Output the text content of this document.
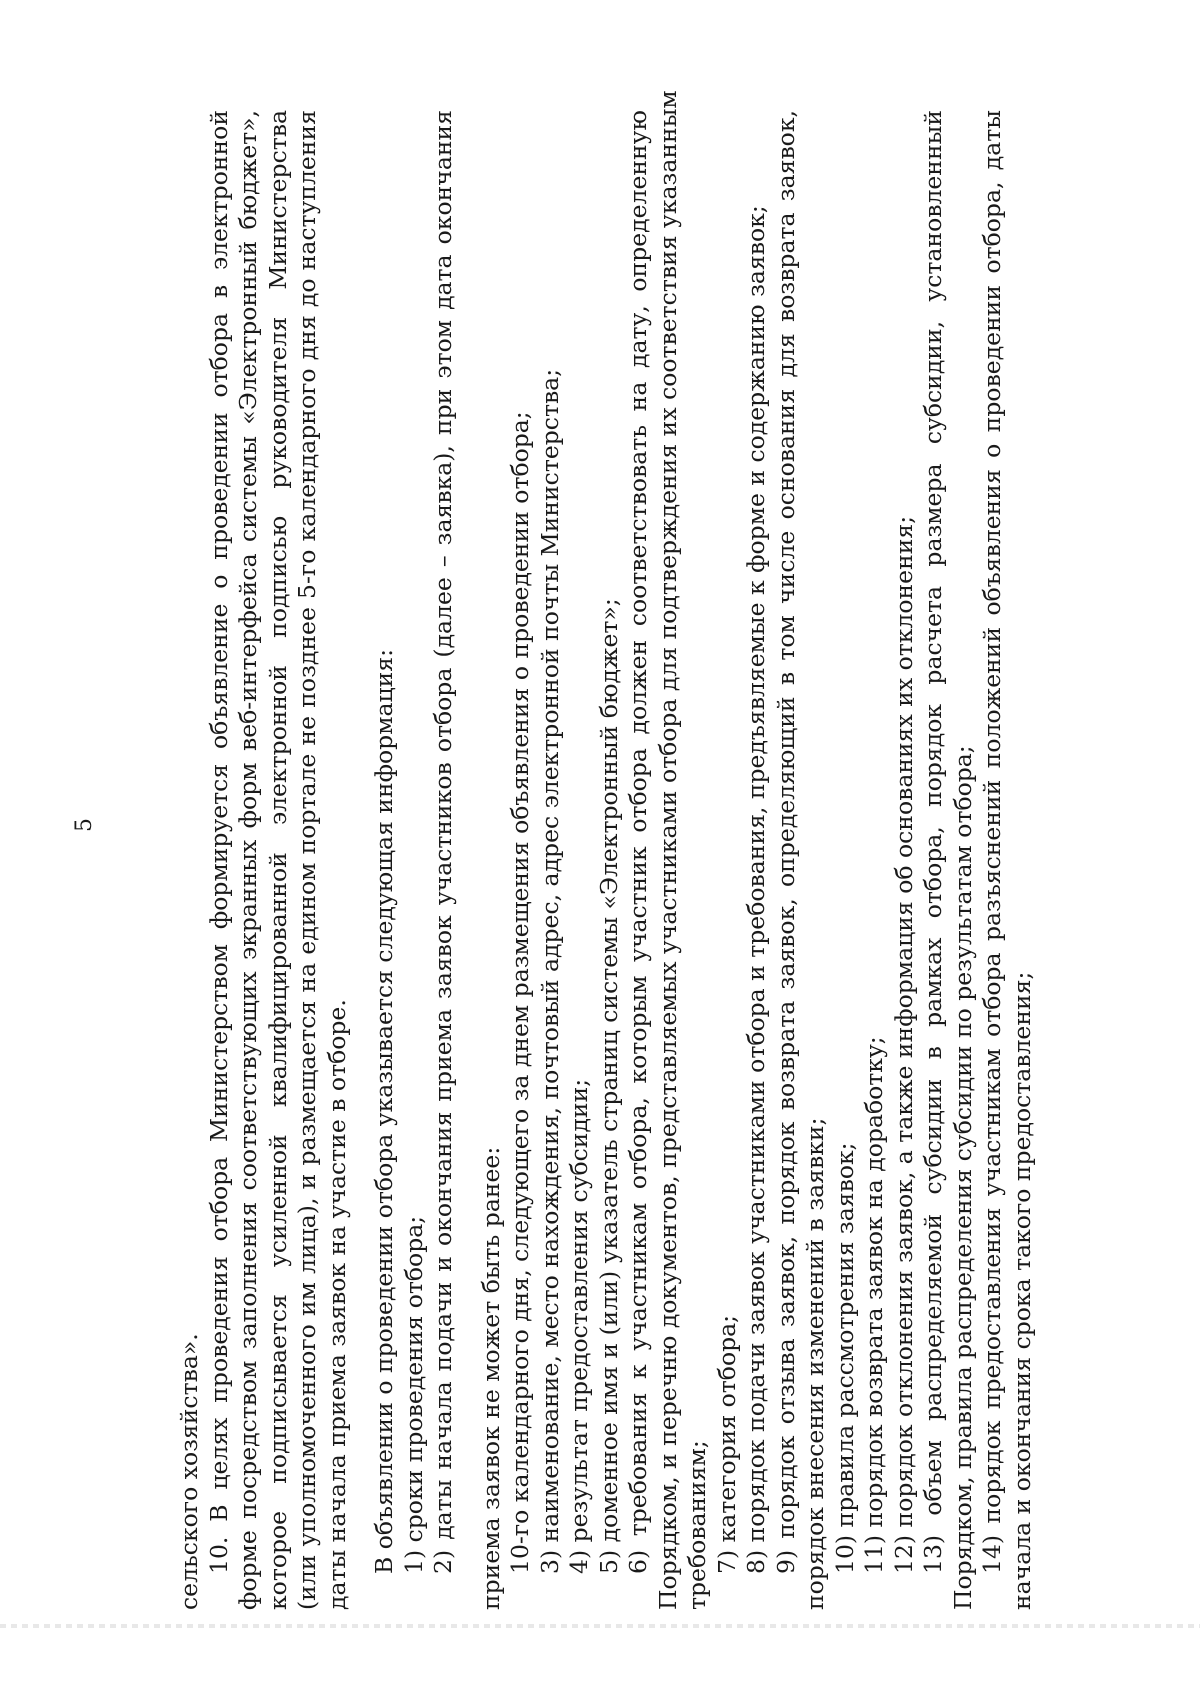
5
сельского хозяйства». 10. В целях проведения отбора Министерством формируется объявление о проведении отбора в электронной форме посредством заполнения соответствующих экранных форм веб-интерфейса системы «Электронный бюджет», которое подписывается усиленной квалифицированной электронной подписью руководителя Министерства (или уполномоченного им лица), и размещается на едином портале не позднее 5-го календарного дня до наступления даты начала приема заявок на участие в отборе. В объявлении о проведении отбора указывается следующая информация: 1) сроки проведения отбора; 2) даты начала подачи и окончания приема заявок участников отбора (далее – заявка), при этом дата окончания приема заявок не может быть ранее: 10-го календарного дня, следующего за днем размещения объявления о проведении отбора; 3) наименование, место нахождения, почтовый адрес, адрес электронной почты Министерства; 4) результат предоставления субсидии; 5) доменное имя и (или) указатель страниц системы «Электронный бюджет»; 6) требования к участникам отбора, которым участник отбора должен соответствовать на дату, определенную Порядком, и перечню документов, представляемых участниками отбора для подтверждения их соответствия указанным требованиям; 7) категория отбора; 8) порядок подачи заявок участниками отбора и требования, предъявляемые к форме и содержанию заявок; 9) порядок отзыва заявок, порядок возврата заявок, определяющий в том числе основания для возврата заявок, порядок внесения изменений в заявки; 10) правила рассмотрения заявок; 11) порядок возврата заявок на доработку; 12) порядок отклонения заявок, а также информация об основаниях их отклонения; 13) объем распределяемой субсидии в рамках отбора, порядок расчета размера субсидии, установленный Порядком, правила распределения субсидии по результатам отбора; 14) порядок предоставления участникам отбора разъяснений положений объявления о проведении отбора, даты начала и окончания срока такого предоставления;
